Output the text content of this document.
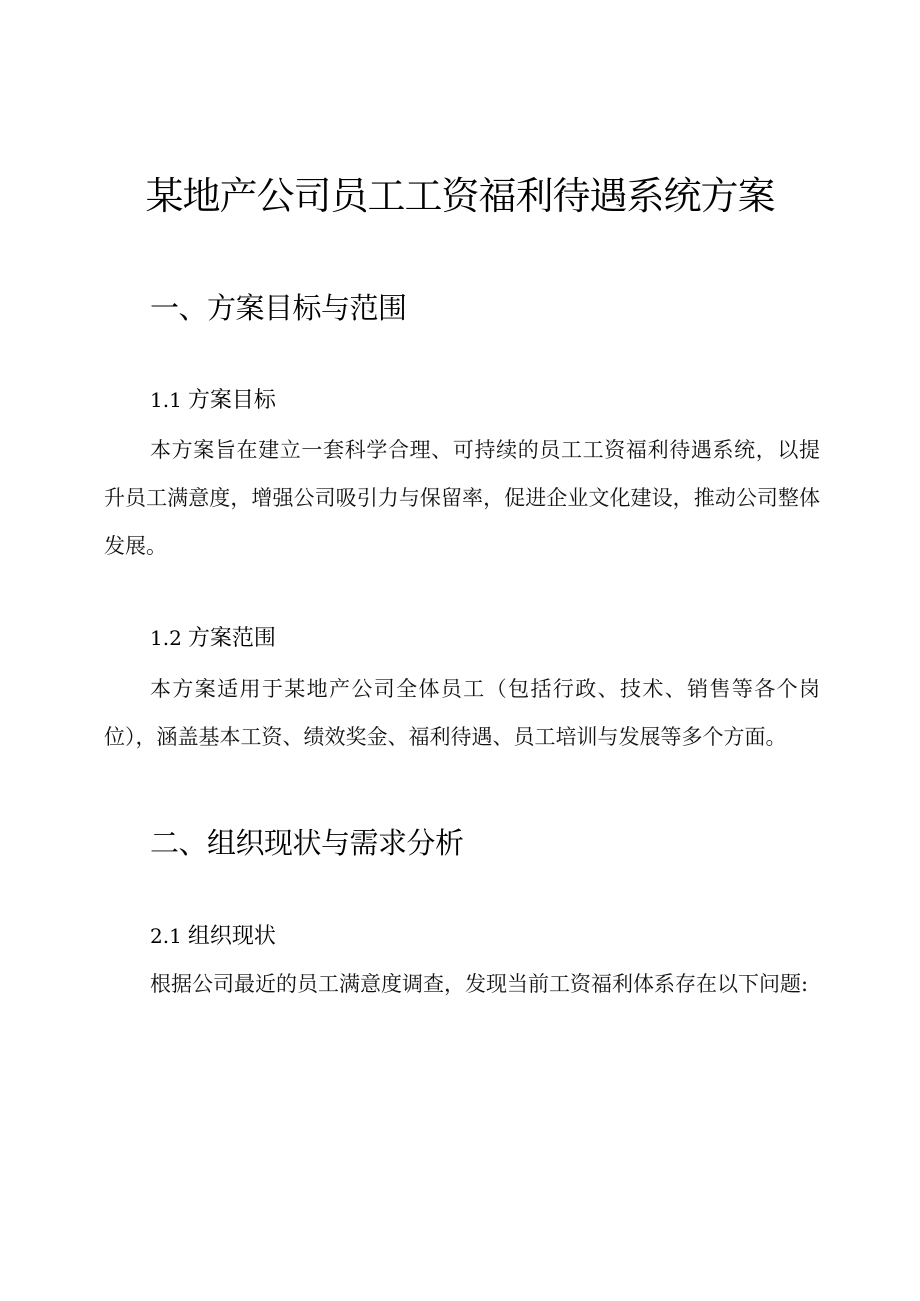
某地产公司员工工资福利待遇系统方案
一、方案目标与范围
1.1 方案目标

本方案旨在建立一套科学合理、可持续的员工工资福利待遇系统，以提升员工满意度，增强公司吸引力与保留率，促进企业文化建设，推动公司整体发展。

1.2 方案范围

本方案适用于某地产公司全体员工（包括行政、技术、销售等各个岗位），涵盖基本工资、绩效奖金、福利待遇、员工培训与发展等多个方面。

二、组织现状与需求分析
2.1 组织现状

根据公司最近的员工满意度调查，发现当前工资福利体系存在以下问题:
